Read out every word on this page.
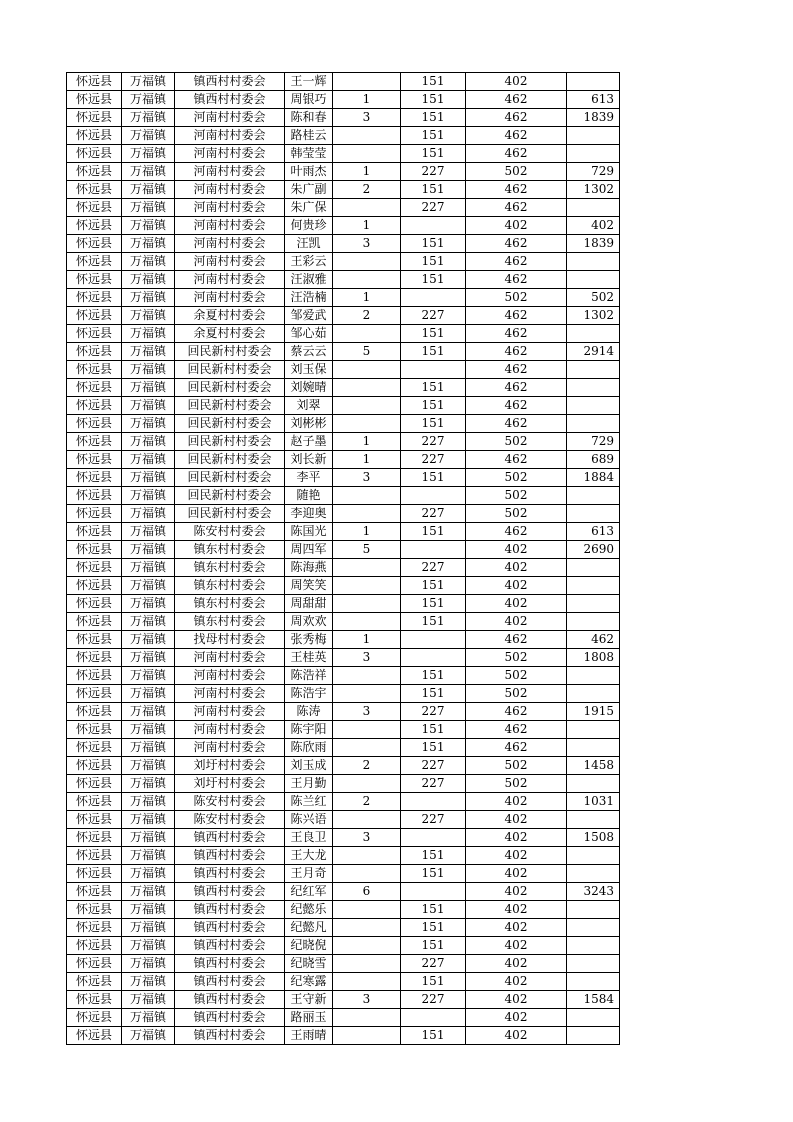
怀远县	万福镇	镇西村村委会	王一辉		151	402	
怀远县	万福镇	镇西村村委会	周银巧	1	151	462	613
怀远县	万福镇	河南村村委会	陈和春	3	151	462	1839
怀远县	万福镇	河南村村委会	路桂云		151	462	
怀远县	万福镇	河南村村委会	韩莹莹		151	462	
怀远县	万福镇	河南村村委会	叶雨杰	1	227	502	729
怀远县	万福镇	河南村村委会	朱广副	2	151	462	1302
怀远县	万福镇	河南村村委会	朱广保		227	462	
怀远县	万福镇	河南村村委会	何贵珍	1		402	402
怀远县	万福镇	河南村村委会	汪凯	3	151	462	1839
怀远县	万福镇	河南村村委会	王彩云		151	462	
怀远县	万福镇	河南村村委会	汪淑雅		151	462	
怀远县	万福镇	河南村村委会	汪浩楠	1		502	502
怀远县	万福镇	余夏村村委会	邹爱武	2	227	462	1302
怀远县	万福镇	余夏村村委会	邹心茹		151	462	
怀远县	万福镇	回民新村村委会	蔡云云	5	151	462	2914
怀远县	万福镇	回民新村村委会	刘玉保			462	
怀远县	万福镇	回民新村村委会	刘婉晴		151	462	
怀远县	万福镇	回民新村村委会	刘翠		151	462	
怀远县	万福镇	回民新村村委会	刘彬彬		151	462	
怀远县	万福镇	回民新村村委会	赵子墨	1	227	502	729
怀远县	万福镇	回民新村村委会	刘长新	1	227	462	689
怀远县	万福镇	回民新村村委会	李平	3	151	502	1884
怀远县	万福镇	回民新村村委会	随艳			502	
怀远县	万福镇	回民新村村委会	李迎奥		227	502	
怀远县	万福镇	陈安村村委会	陈国光	1	151	462	613
怀远县	万福镇	镇东村村委会	周四军	5		402	2690
怀远县	万福镇	镇东村村委会	陈海燕		227	402	
怀远县	万福镇	镇东村村委会	周笑笑		151	402	
怀远县	万福镇	镇东村村委会	周甜甜		151	402	
怀远县	万福镇	镇东村村委会	周欢欢		151	402	
怀远县	万福镇	找母村村委会	张秀梅	1		462	462
怀远县	万福镇	河南村村委会	王桂英	3		502	1808
怀远县	万福镇	河南村村委会	陈浩祥		151	502	
怀远县	万福镇	河南村村委会	陈浩宇		151	502	
怀远县	万福镇	河南村村委会	陈涛	3	227	462	1915
怀远县	万福镇	河南村村委会	陈宇阳		151	462	
怀远县	万福镇	河南村村委会	陈欣雨		151	462	
怀远县	万福镇	刘圩村村委会	刘玉成	2	227	502	1458
怀远县	万福镇	刘圩村村委会	王月勤		227	502	
怀远县	万福镇	陈安村村委会	陈兰红	2		402	1031
怀远县	万福镇	陈安村村委会	陈兴语		227	402	
怀远县	万福镇	镇西村村委会	王良卫	3		402	1508
怀远县	万福镇	镇西村村委会	王大龙		151	402	
怀远县	万福镇	镇西村村委会	王月奇		151	402	
怀远县	万福镇	镇西村村委会	纪红军	6		402	3243
怀远县	万福镇	镇西村村委会	纪懿乐		151	402	
怀远县	万福镇	镇西村村委会	纪懿凡		151	402	
怀远县	万福镇	镇西村村委会	纪晓倪		151	402	
怀远县	万福镇	镇西村村委会	纪晓雪		227	402	
怀远县	万福镇	镇西村村委会	纪寒露		151	402	
怀远县	万福镇	镇西村村委会	王守新	3	227	402	1584
怀远县	万福镇	镇西村村委会	路丽玉			402	
怀远县	万福镇	镇西村村委会	王雨晴		151	402	
